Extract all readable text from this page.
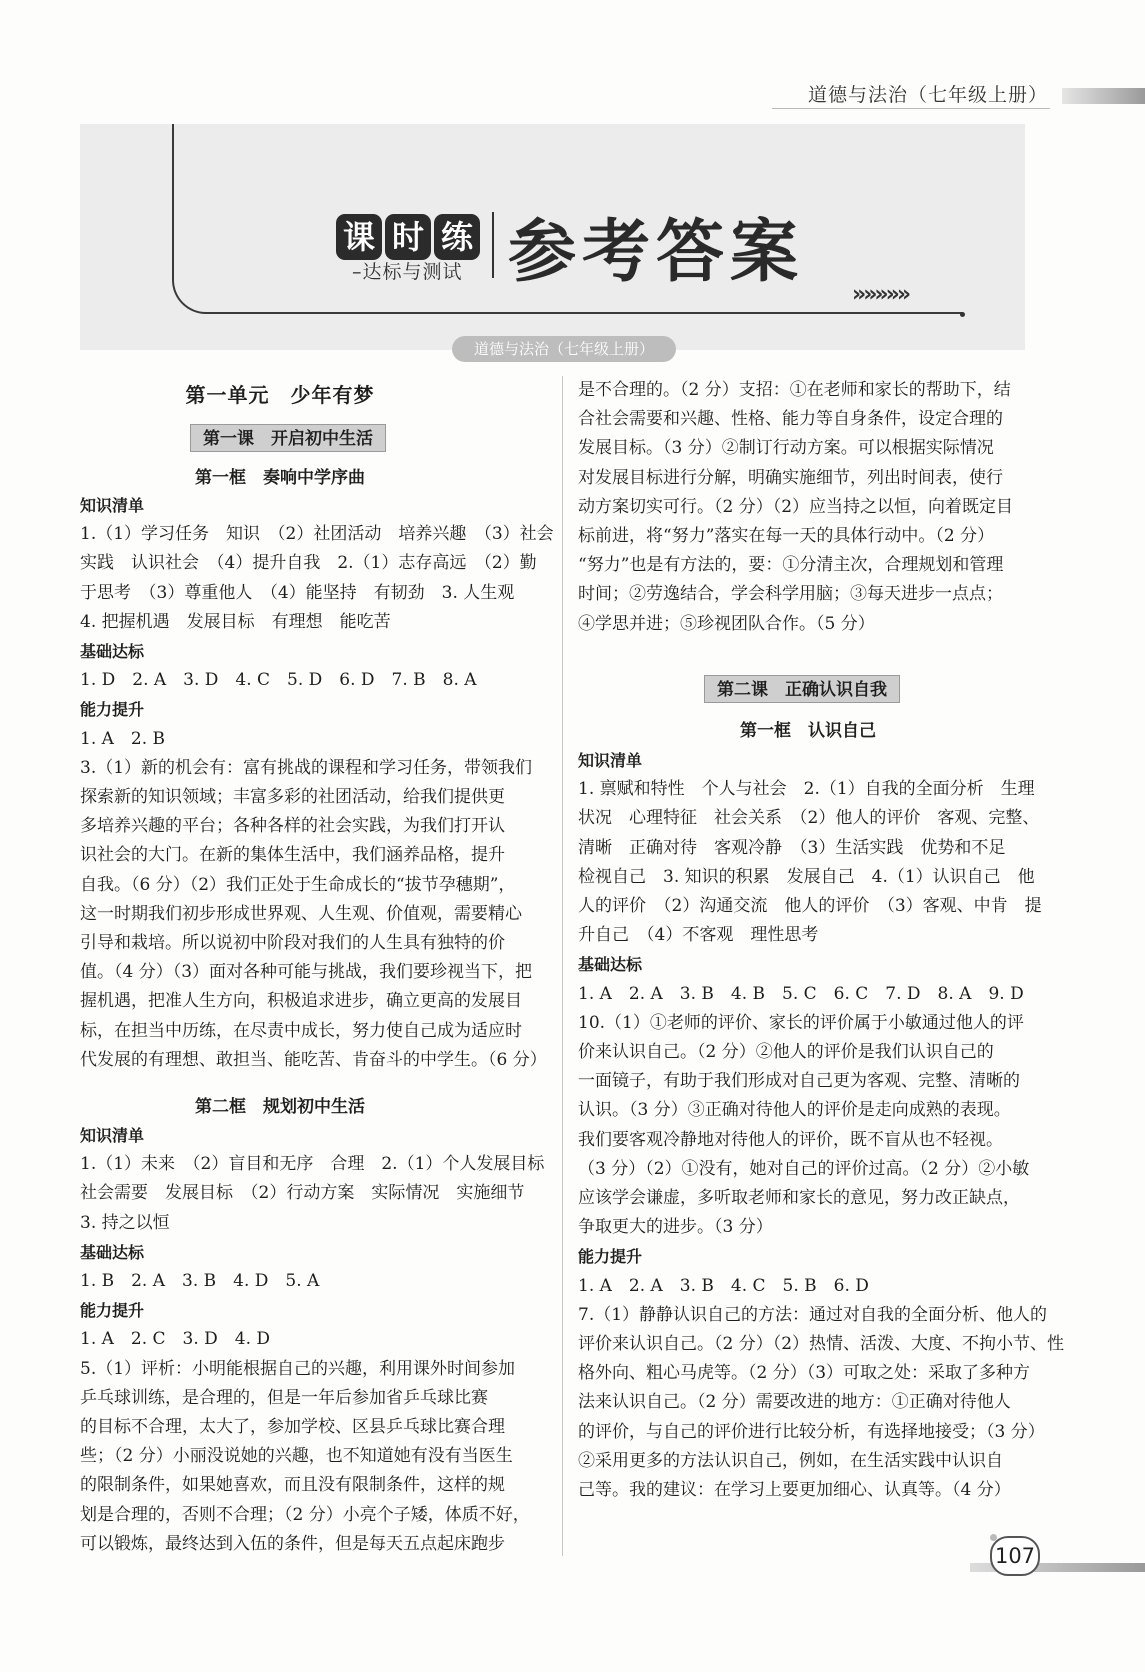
道德与法治（七年级上册）
课 时 练
–达标与测试 参考答案
»»»»»
道德与法治（七年级上册）
第一单元　少年有梦
第一课　开启初中生活
第一框　奏响中学序曲

知识清单

1.（1）学习任务　知识　（2）社团活动　培养兴趣　（3）社会

实践　认识社会　（4）提升自我　2.（1）志存高远　（2）勤

于思考　（3）尊重他人　（4）能坚持　有韧劲　3. 人生观

4. 把握机遇　发展目标　有理想　能吃苦

基础达标

1. D　2. A　3. D　4. C　5. D　6. D　7. B　8. A

能力提升

1. A　2. B

3.（1）新的机会有：富有挑战的课程和学习任务，带领我们

探索新的知识领域；丰富多彩的社团活动，给我们提供更

多培养兴趣的平台；各种各样的社会实践，为我们打开认

识社会的大门。在新的集体生活中，我们涵养品格，提升

自我。（6 分）（2）我们正处于生命成长的“拔节孕穗期”，

这一时期我们初步形成世界观、人生观、价值观，需要精心

引导和栽培。所以说初中阶段对我们的人生具有独特的价

值。（4 分）（3）面对各种可能与挑战，我们要珍视当下，把

握机遇，把准人生方向，积极追求进步，确立更高的发展目

标，在担当中历练，在尽责中成长，努力使自己成为适应时

代发展的有理想、敢担当、能吃苦、肯奋斗的中学生。（6 分）

第二框　规划初中生活

知识清单

1.（1）未来　（2）盲目和无序　合理　2.（1）个人发展目标

社会需要　发展目标　（2）行动方案　实际情况　实施细节

3. 持之以恒

基础达标

1. B　2. A　3. B　4. D　5. A

能力提升

1. A　2. C　3. D　4. D

5.（1）评析：小明能根据自己的兴趣，利用课外时间参加

乒乓球训练，是合理的，但是一年后参加省乒乓球比赛

的目标不合理，太大了，参加学校、区县乒乓球比赛合理

些；（2 分）小丽没说她的兴趣，也不知道她有没有当医生

的限制条件，如果她喜欢，而且没有限制条件，这样的规

划是合理的，否则不合理；（2 分）小亮个子矮，体质不好，

可以锻炼，最终达到入伍的条件，但是每天五点起床跑步

是不合理的。（2 分）支招：①在老师和家长的帮助下，结

合社会需要和兴趣、性格、能力等自身条件，设定合理的

发展目标。（3 分）②制订行动方案。可以根据实际情况

对发展目标进行分解，明确实施细节，列出时间表，使行

动方案切实可行。（2 分）（2）应当持之以恒，向着既定目

标前进，将“努力”落实在每一天的具体行动中。（2 分）

“努力”也是有方法的，要：①分清主次，合理规划和管理

时间；②劳逸结合，学会科学用脑；③每天进步一点点；

④学思并进；⑤珍视团队合作。（5 分）

第二课　正确认识自我
第一框　认识自己

知识清单

1. 禀赋和特性　个人与社会　2.（1）自我的全面分析　生理

状况　心理特征　社会关系　（2）他人的评价　客观、完整、

清晰　正确对待　客观冷静　（3）生活实践　优势和不足

检视自己　3. 知识的积累　发展自己　4.（1）认识自己　他

人的评价　（2）沟通交流　他人的评价　（3）客观、中肯　提

升自己　（4）不客观　理性思考

基础达标

1. A　2. A　3. B　4. B　5. C　6. C　7. D　8. A　9. D

10.（1）①老师的评价、家长的评价属于小敏通过他人的评

价来认识自己。（2 分）②他人的评价是我们认识自己的

一面镜子，有助于我们形成对自己更为客观、完整、清晰的

认识。（3 分）③正确对待他人的评价是走向成熟的表现。

我们要客观冷静地对待他人的评价，既不盲从也不轻视。

（3 分）（2）①没有，她对自己的评价过高。（2 分）②小敏

应该学会谦虚，多听取老师和家长的意见，努力改正缺点，

争取更大的进步。（3 分）

能力提升

1. A　2. A　3. B　4. C　5. B　6. D

7.（1）静静认识自己的方法：通过对自我的全面分析、他人的

评价来认识自己。（2 分）（2）热情、活泼、大度、不拘小节、性

格外向、粗心马虎等。（2 分）（3）可取之处：采取了多种方

法来认识自己。（2 分）需要改进的地方：①正确对待他人

的评价，与自己的评价进行比较分析，有选择地接受；（3 分）

②采用更多的方法认识自己，例如，在生活实践中认识自

己等。我的建议：在学习上要更加细心、认真等。（4 分）

107
